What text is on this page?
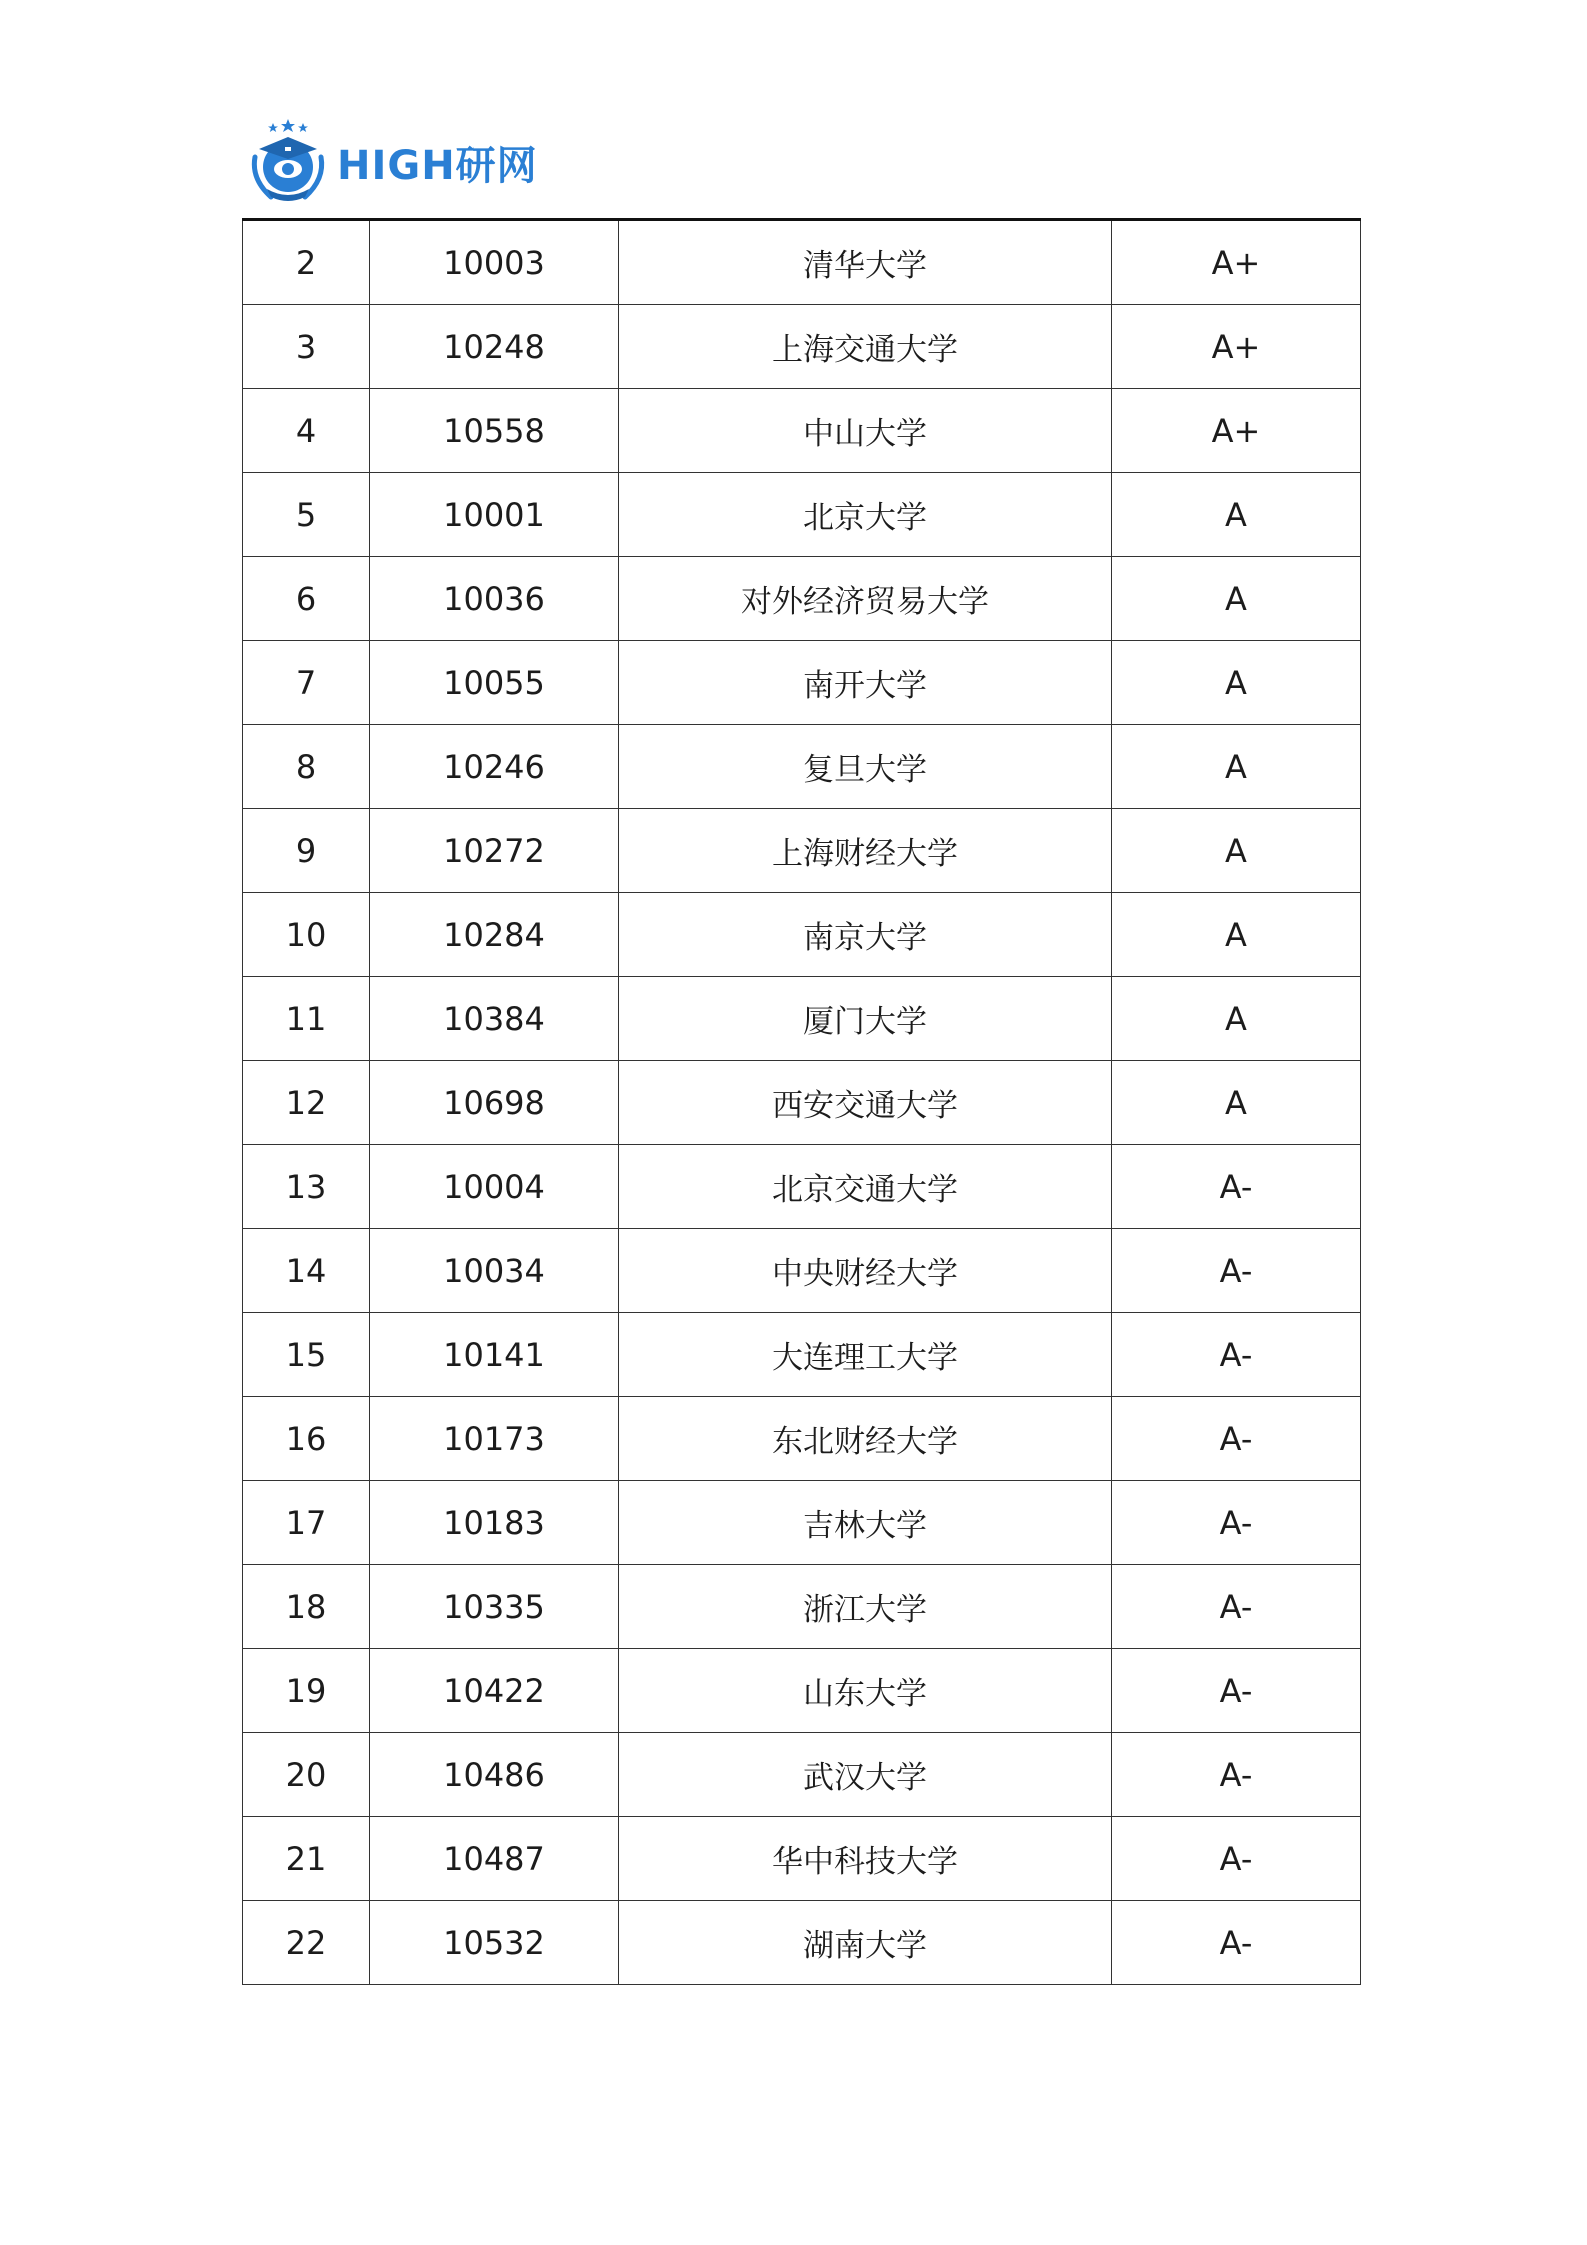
HIGH研网
2	10003	清华大学	A+
3	10248	上海交通大学	A+
4	10558	中山大学	A+
5	10001	北京大学	A
6	10036	对外经济贸易大学	A
7	10055	南开大学	A
8	10246	复旦大学	A
9	10272	上海财经大学	A
10	10284	南京大学	A
11	10384	厦门大学	A
12	10698	西安交通大学	A
13	10004	北京交通大学	A-
14	10034	中央财经大学	A-
15	10141	大连理工大学	A-
16	10173	东北财经大学	A-
17	10183	吉林大学	A-
18	10335	浙江大学	A-
19	10422	山东大学	A-
20	10486	武汉大学	A-
21	10487	华中科技大学	A-
22	10532	湖南大学	A-
